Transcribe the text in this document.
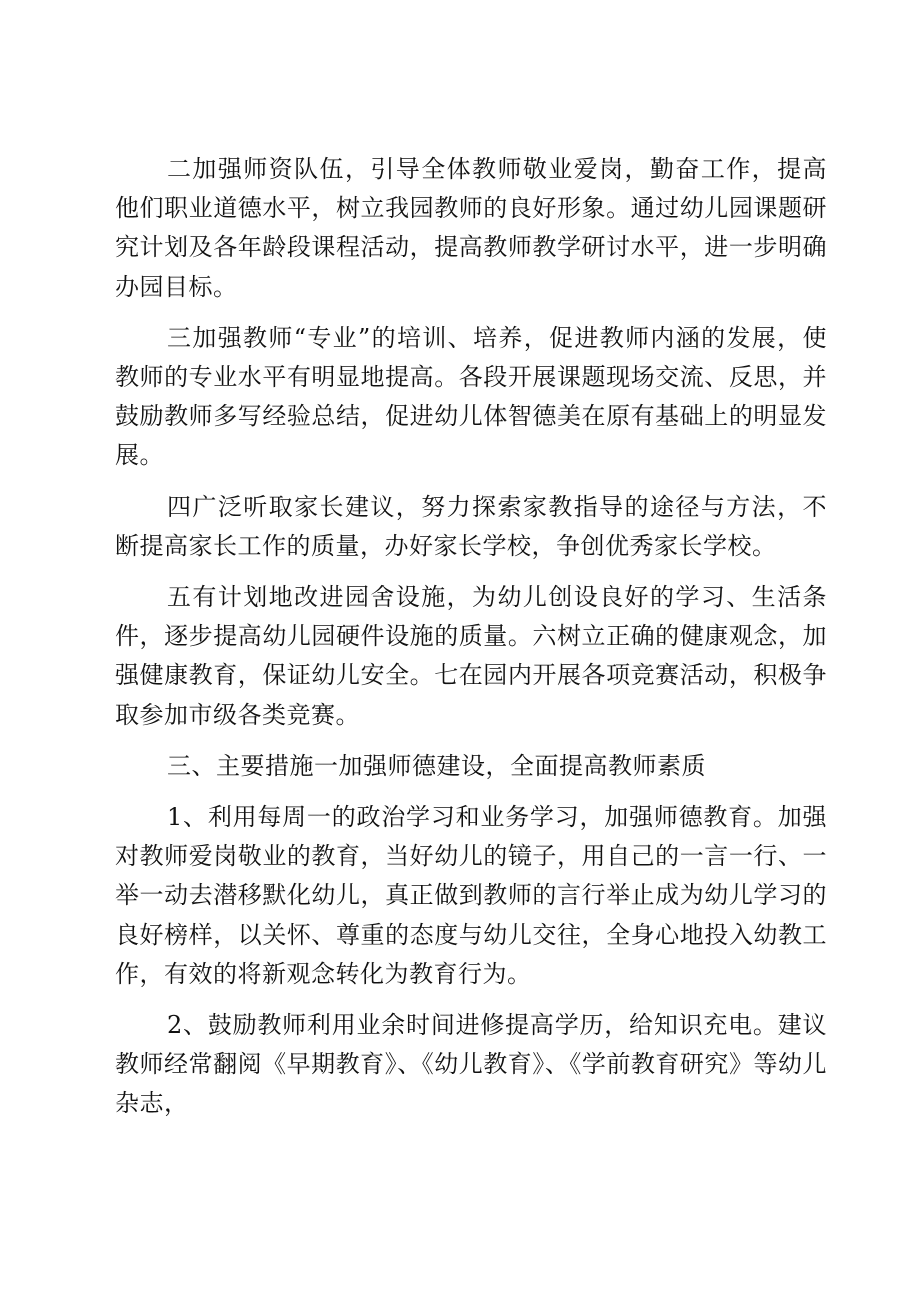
二加强师资队伍，引导全体教师敬业爱岗，勤奋工作，提高他们职业道德水平，树立我园教师的良好形象。通过幼儿园课题研究计划及各年龄段课程活动，提高教师教学研讨水平，进一步明确办园目标。

三加强教师“专业”的培训、培养，促进教师内涵的发展，使教师的专业水平有明显地提高。各段开展课题现场交流、反思，并鼓励教师多写经验总结，促进幼儿体智德美在原有基础上的明显发展。

四广泛听取家长建议，努力探索家教指导的途径与方法，不断提高家长工作的质量，办好家长学校，争创优秀家长学校。

五有计划地改进园舍设施，为幼儿创设良好的学习、生活条件，逐步提高幼儿园硬件设施的质量。六树立正确的健康观念，加强健康教育，保证幼儿安全。七在园内开展各项竞赛活动，积极争取参加市级各类竞赛。

三、主要措施一加强师德建设，全面提高教师素质

1、利用每周一的政治学习和业务学习，加强师德教育。加强对教师爱岗敬业的教育，当好幼儿的镜子，用自己的一言一行、一举一动去潜移默化幼儿，真正做到教师的言行举止成为幼儿学习的良好榜样，以关怀、尊重的态度与幼儿交往，全身心地投入幼教工作，有效的将新观念转化为教育行为。

2、鼓励教师利用业余时间进修提高学历，给知识充电。建议教师经常翻阅《早期教育》、《幼儿教育》、《学前教育研究》等幼儿杂志，
